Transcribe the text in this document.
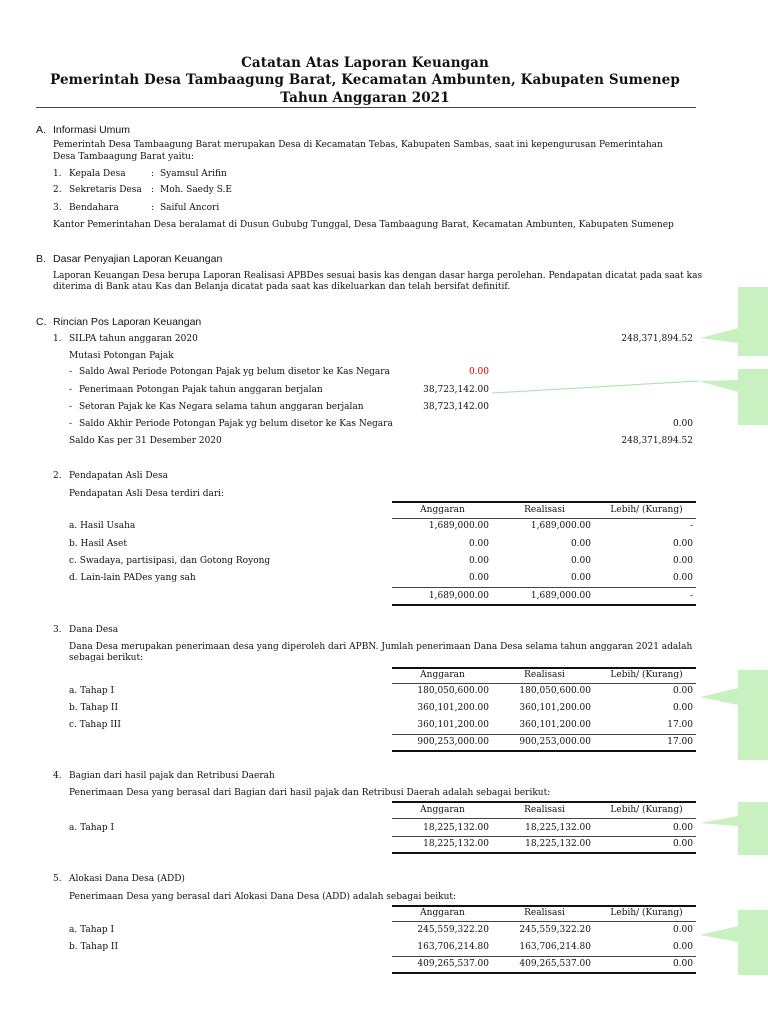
Catatan Atas Laporan Keuangan
Pemerintah Desa Tambaagung Barat, Kecamatan Ambunten, Kabupaten Sumenep
Tahun Anggaran 2021
A. Informasi Umum
Pemerintah Desa Tambaagung Barat merupakan Desa di Kecamatan Tebas, Kabupaten Sambas, saat ini kepengurusan Pemerintahan Desa Tambaagung Barat yaitu:
1. Kepala Desa	: Syamsul Arifin
2. Sekretaris Desa : Moh. Saedy S.E
3. Bendahara	: Saiful Ancori
Kantor Pemerintahan Desa beralamat di Dusun Gububg Tunggal, Desa Tambaagung Barat, Kecamatan Ambunten, Kabupaten Sumenep
B. Dasar Penyajian Laporan Keuangan
Laporan Keuangan Desa berupa Laporan Realisasi APBDes sesuai basis kas dengan dasar harga perolehan. Pendapatan dicatat pada saat kas
diterima di Bank atau Kas dan Belanja dicatat pada saat kas dikeluarkan dan telah bersifat definitif.
C. Rincian Pos Laporan Keuangan
1. SILPA tahun anggaran 2020	248,371,894.52
Mutasi Potongan Pajak
- Saldo Awal Periode Potongan Pajak yg belum disetor ke Kas Negara	0.00
- Penerimaan Potongan Pajak tahun anggaran berjalan	38,723,142.00
- Setoran Pajak ke Kas Negara selama tahun anggaran berjalan	38,723,142.00
- Saldo Akhir Periode Potongan Pajak yg belum disetor ke Kas Negara	0.00
Saldo Kas per 31 Desember 2020	248,371,894.52
2. Pendapatan Asli Desa
Pendapatan Asli Desa terdiri dari:
Anggaran	Realisasi	Lebih/ (Kurang)
a. Hasil Usaha	1,689,000.00	1,689,000.00	-
b. Hasil Aset	0.00	0.00	0.00
c. Swadaya, partisipasi, dan Gotong Royong	0.00	0.00	0.00
d. Lain-lain PADes yang sah	0.00	0.00	0.00
1,689,000.00	1,689,000.00	-
3. Dana Desa
Dana Desa merupakan penerimaan desa yang diperoleh dari APBN. Jumlah penerimaan Dana Desa selama tahun anggaran 2021 adalah
sebagai berikut:
Anggaran	Realisasi	Lebih/ (Kurang)
a. Tahap I	180,050,600.00	180,050,600.00	0.00
b. Tahap II	360,101,200.00	360,101,200.00	0.00
c. Tahap III	360,101,200.00	360,101,200.00	17.00
900,253,000.00	900,253,000.00	17.00
4. Bagian dari hasil pajak dan Retribusi Daerah
Penerimaan Desa yang berasal dari Bagian dari hasil pajak dan Retribusi Daerah adalah sebagai berikut:
Anggaran	Realisasi	Lebih/ (Kurang)
a. Tahap I	18,225,132.00	18,225,132.00	0.00
18,225,132.00	18,225,132.00	0.00
5. Alokasi Dana Desa (ADD)
Penerimaan Desa yang berasal dari Alokasi Dana Desa (ADD) adalah sebagai beikut:
Anggaran	Realisasi	Lebih/ (Kurang)
a. Tahap I	245,559,322.20	245,559,322.20	0.00
b. Tahap II	163,706,214.80	163,706,214.80	0.00
409,265,537.00	409,265,537.00	0.00
